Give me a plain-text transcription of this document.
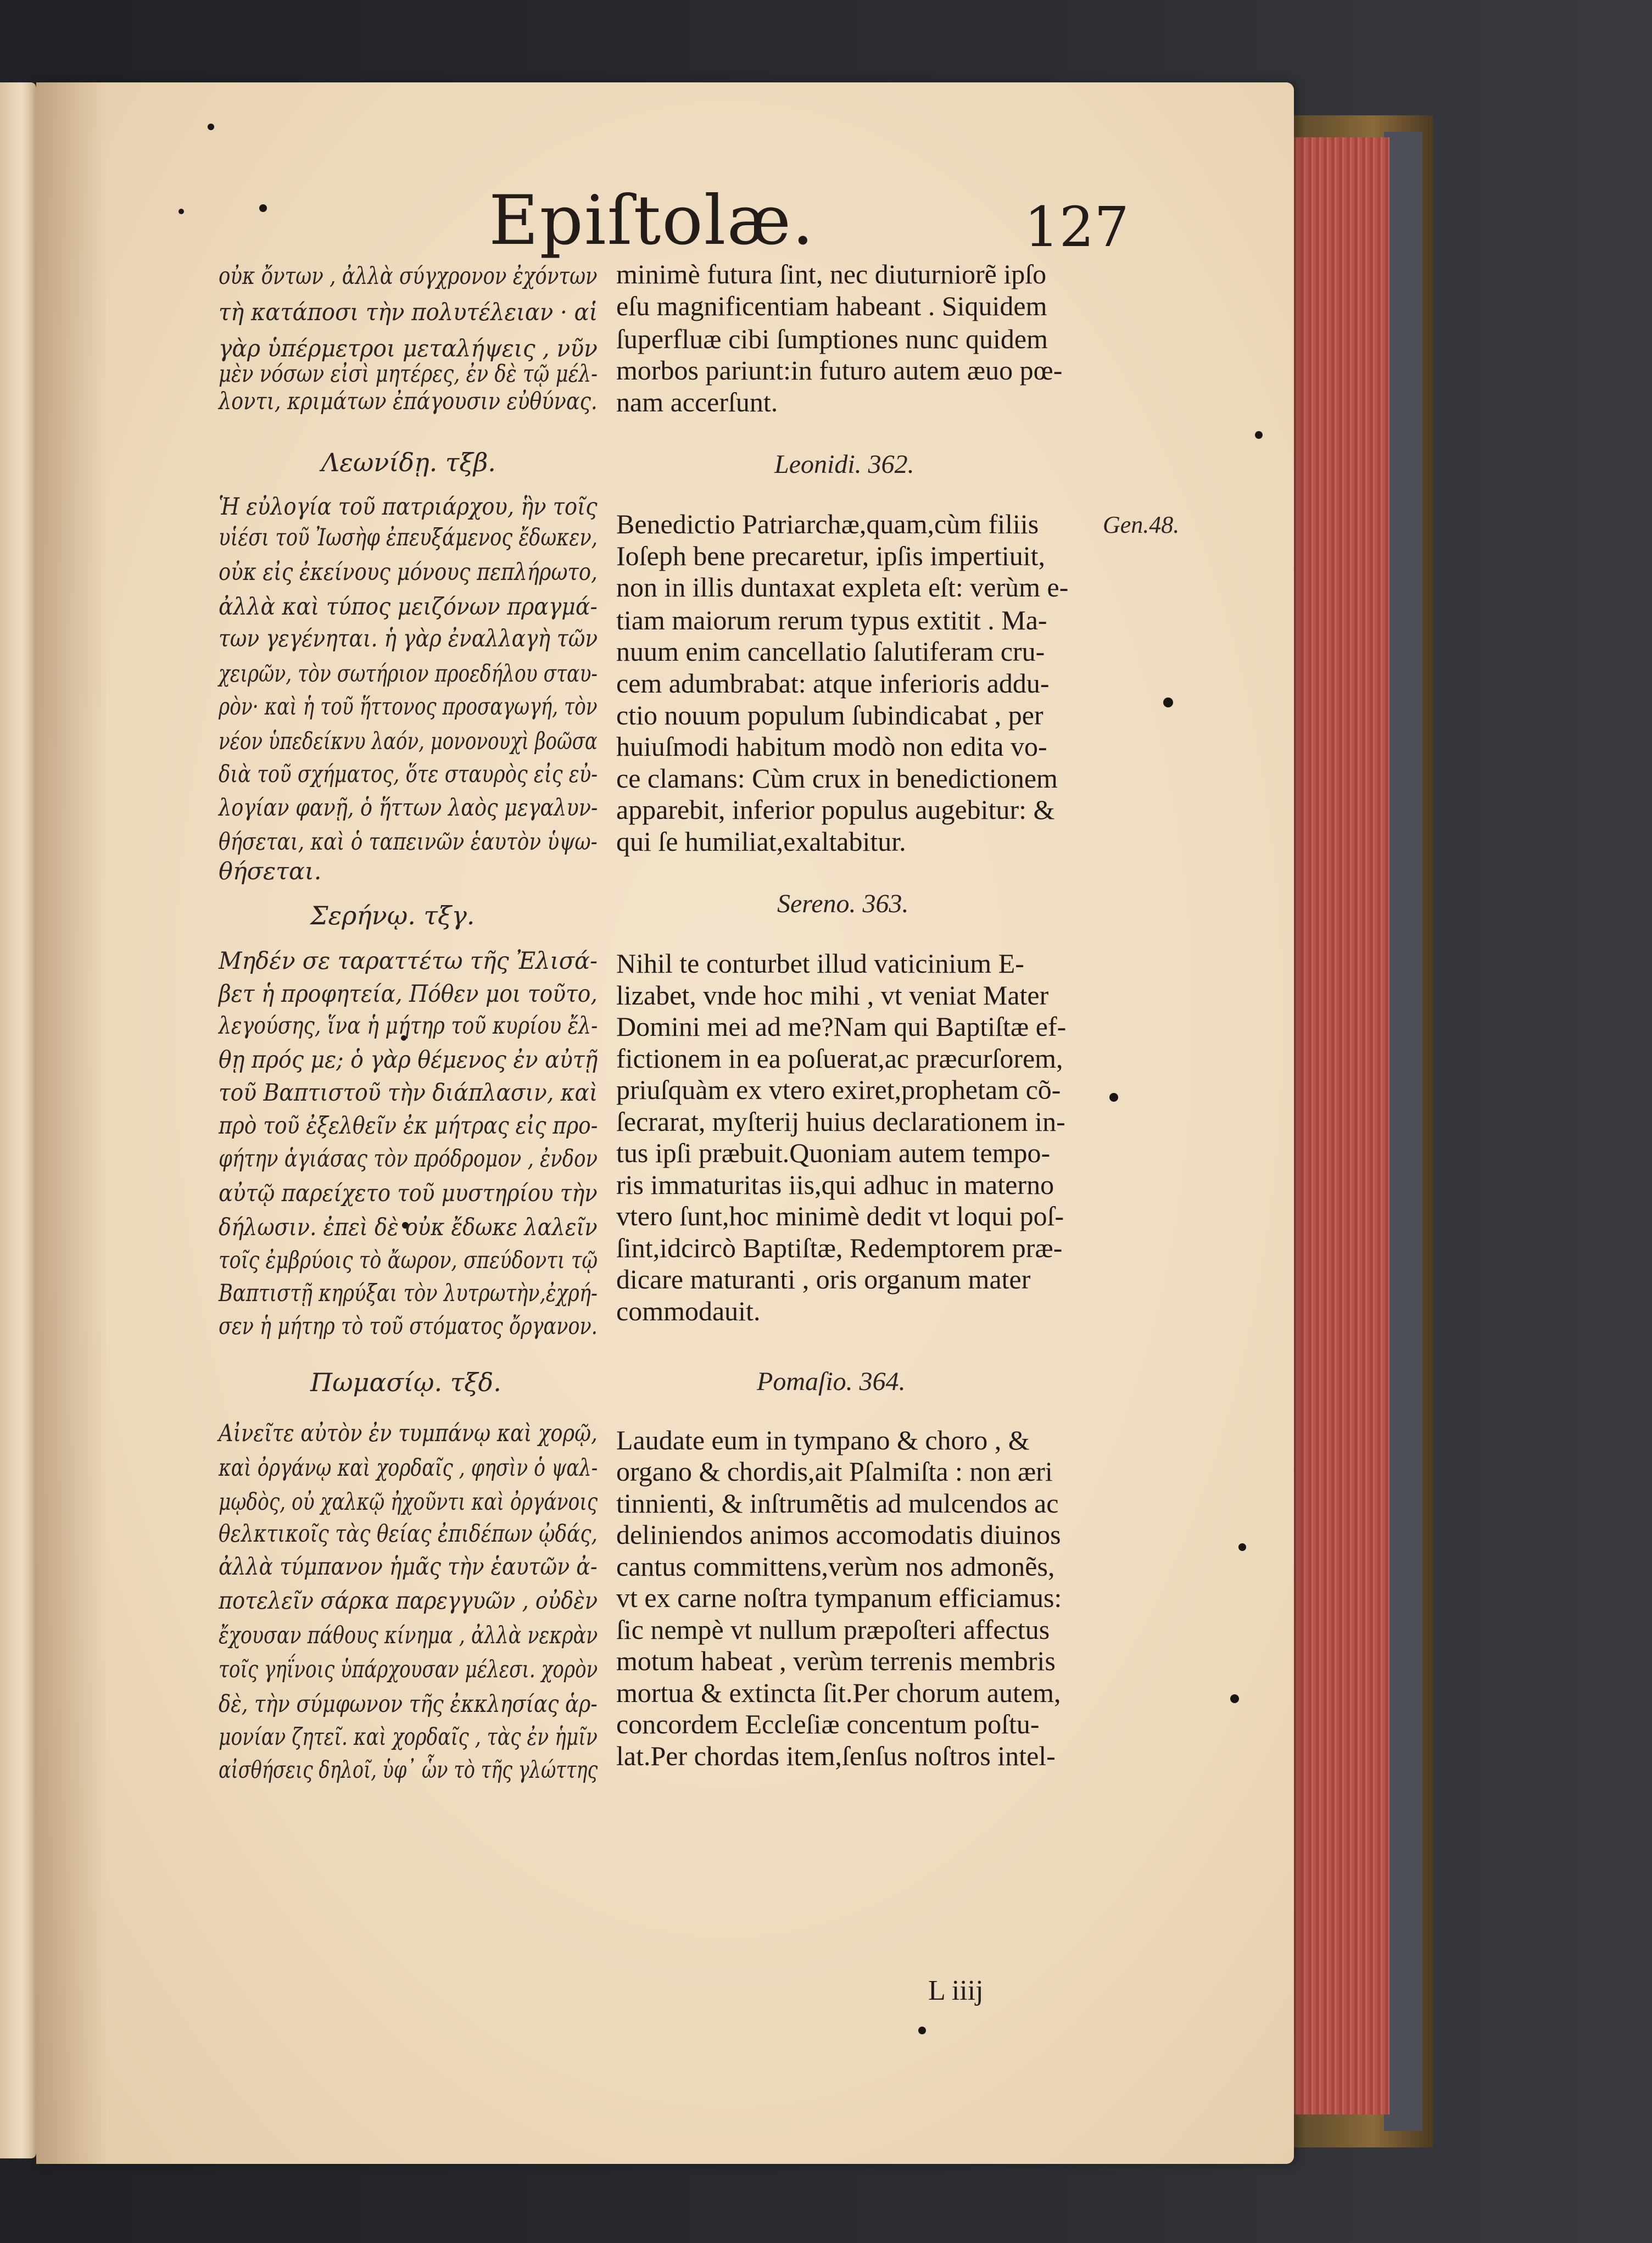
Epiſtolæ.	127
Gen.48.
οὐκ ὄντων , ἀλλὰ σύγχρονον ἐχόντων
τὴ κατάποσι τὴν πολυτέλειαν · αἱ
γὰρ ὑπέρμετροι μεταλήψεις , νῦν
μὲν νόσων εἰσὶ μητέρες, ἐν δὲ τῷ μέλ-
λοντι, κριμάτων ἐπάγουσιν εὐθύνας.
Λεωνίδῃ. τξβ.
Ἡ εὐλογία τοῦ πατριάρχου, ἣν τοῖς
υἱέσι τοῦ Ἰωσὴφ ἐπευξάμενος ἔδωκεν,
οὐκ εἰς ἐκείνους μόνους πεπλήρωτο,
ἀλλὰ καὶ τύπος μειζόνων πραγμά-
των γεγένηται. ἡ γὰρ ἐναλλαγὴ τῶν
χειρῶν, τὸν σωτήριον προεδήλου σταυ-
ρὸν· καὶ ἡ τοῦ ἥττονος προσαγωγή, τὸν
νέον ὑπεδείκνυ λαόν, μονονουχὶ βοῶσα
διὰ τοῦ σχήματος, ὅτε σταυρὸς εἰς εὐ-
λογίαν φανῇ, ὁ ἥττων λαὸς μεγαλυν-
θήσεται, καὶ ὁ ταπεινῶν ἑαυτὸν ὑψω-
θήσεται.
Σερήνῳ. τξγ.
Μηδέν σε ταραττέτω τῆς Ἐλισά-
βετ ἡ προφητεία, Πόθεν μοι τοῦτο,
λεγούσης, ἵνα ἡ μήτηρ τοῦ κυρίου ἔλ-
θῃ πρός με; ὁ γὰρ θέμενος ἐν αὐτῇ
τοῦ Βαπτιστοῦ τὴν διάπλασιν, καὶ
πρὸ τοῦ ἐξελθεῖν ἐκ μήτρας εἰς προ-
φήτην ἁγιάσας τὸν πρόδρομον , ἐνδον
αὐτῷ παρείχετο τοῦ μυστηρίου τὴν
δήλωσιν. ἐπεὶ δὲ οὐκ ἔδωκε λαλεῖν
τοῖς ἐμβρύοις τὸ ἄωρον, σπεύδοντι τῷ
Βαπτιστῇ κηρύξαι τὸν λυτρωτὴν,ἐχρή-
σεν ἡ μήτηρ τὸ τοῦ στόματος ὄργανον.
Πωμασίῳ. τξδ.
Αἰνεῖτε αὐτὸν ἐν τυμπάνῳ καὶ χορῷ,
καὶ ὀργάνῳ καὶ χορδαῖς , φησὶν ὁ ψαλ-
μῳδὸς, οὐ χαλκῷ ἠχοῦντι καὶ ὀργάνοις
θελκτικοῖς τὰς θείας ἐπιδέπων ᾠδάς,
ἀλλὰ τύμπανον ἡμᾶς τὴν ἑαυτῶν ἀ-
ποτελεῖν σάρκα παρεγγυῶν , οὐδὲν
ἔχουσαν πάθους κίνημα , ἀλλὰ νεκρὰν
τοῖς γηΐνοις ὑπάρχουσαν μέλεσι. χορὸν
δὲ, τὴν σύμφωνον τῆς ἐκκλησίας ἁρ-
μονίαν ζητεῖ. καὶ χορδαῖς , τὰς ἐν ἡμῖν
αἰσθήσεις δηλοῖ, ὑφ᾽ ὧν τὸ τῆς γλώττης
minimè futura ſint, nec diuturniorẽ ipſo
eſu magnificentiam habeant . Siquidem
ſuperfluæ cibi ſumptiones nunc quidem
morbos pariunt:in futuro autem æuo pœ-
nam accerſunt.
Leonidi. 362.
Benedictio Patriarchæ,quam,cùm filiis
Ioſeph bene precaretur, ipſis impertiuit,
non in illis duntaxat expleta eſt: verùm e-
tiam maiorum rerum typus extitit . Ma-
nuum enim cancellatio ſalutiferam cru-
cem adumbrabat: atque inferioris addu-
ctio nouum populum ſubindicabat , per
huiuſmodi habitum modò non edita vo-
ce clamans: Cùm crux in benedictionem
apparebit, inferior populus augebitur: &
qui ſe humiliat,exaltabitur.
Sereno. 363.
Nihil te conturbet illud vaticinium E-
lizabet, vnde hoc mihi , vt veniat Mater
Domini mei ad me?Nam qui Baptiſtæ ef-
fictionem in ea poſuerat,ac præcurſorem,
priuſquàm ex vtero exiret,prophetam cõ-
ſecrarat, myſterij huius declarationem in-
tus ipſi præbuit.Quoniam autem tempo-
ris immaturitas iis,qui adhuc in materno
vtero ſunt,hoc minimè dedit vt loqui poſ-
ſint,idcircò Baptiſtæ, Redemptorem præ-
dicare maturanti , oris organum mater
commodauit.
Pomaſio. 364.
Laudate eum in tympano & choro , &
organo & chordis,ait Pſalmiſta : non æri
tinnienti, & inſtrumẽtis ad mulcendos ac
deliniendos animos accomodatis diuinos
cantus committens,verùm nos admonẽs,
vt ex carne noſtra tympanum efficiamus:
ſic nempè vt nullum præpoſteri affectus
motum habeat , verùm terrenis membris
mortua & extincta ſit.Per chorum autem,
concordem Eccleſiæ concentum poſtu-
lat.Per chordas item,ſenſus noſtros intel-
L iiij
